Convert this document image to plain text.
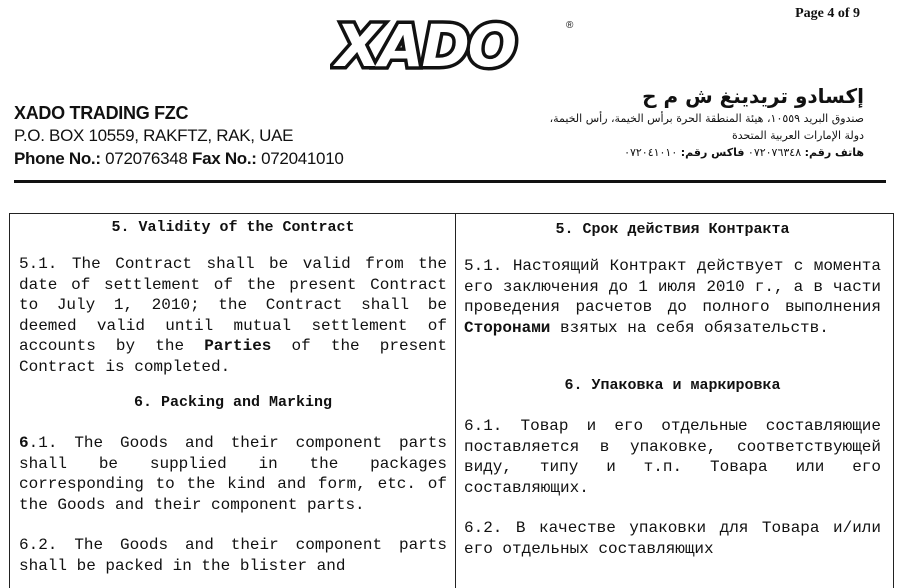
Page 4 of 9
XADO	®
XADO TRADING FZC
P.O. BOX 10559, RAKFTZ, RAK, UAE
Phone No.: 072076348 Fax No.: 072041010
إكسادو تريدينغ ش م ح
صندوق البريد ١٠٥٥٩، هيئة المنطقة الحرة برأس الخيمة، رأس الخيمة،
دولة الإمارات العربية المتحدة
هاتف رقم: ٠٧٢٠٧٦٣٤٨ فاكس رقم: ٠٧٢٠٤١٠١٠
5. Validity of the Contract
5.1. The Contract shall be valid from the date of settlement of the present Contract to July 1, 2010; the Contract shall be deemed valid until mutual settlement of accounts by the Parties of the present Contract is completed.
6. Packing and Marking
6.1. The Goods and their component parts shall be supplied in the packages corresponding to the kind and form, etc. of the Goods and their component parts.
6.2. The Goods and their component parts shall be packed in the blister and
5. Срок действия Контракта
5.1. Настоящий Контракт действует с момента его заключения до 1 июля 2010 г., а в части проведения расчетов до полного выполнения Сторонами взятых на себя обязательств.
6. Упаковка и маркировка
6.1. Товар и его отдельные составляющие поставляется в упаковке, соответствующей виду, типу и т.п. Товара или его составляющих.
6.2. В качестве упаковки для Товара и/или его отдельных составляющих
